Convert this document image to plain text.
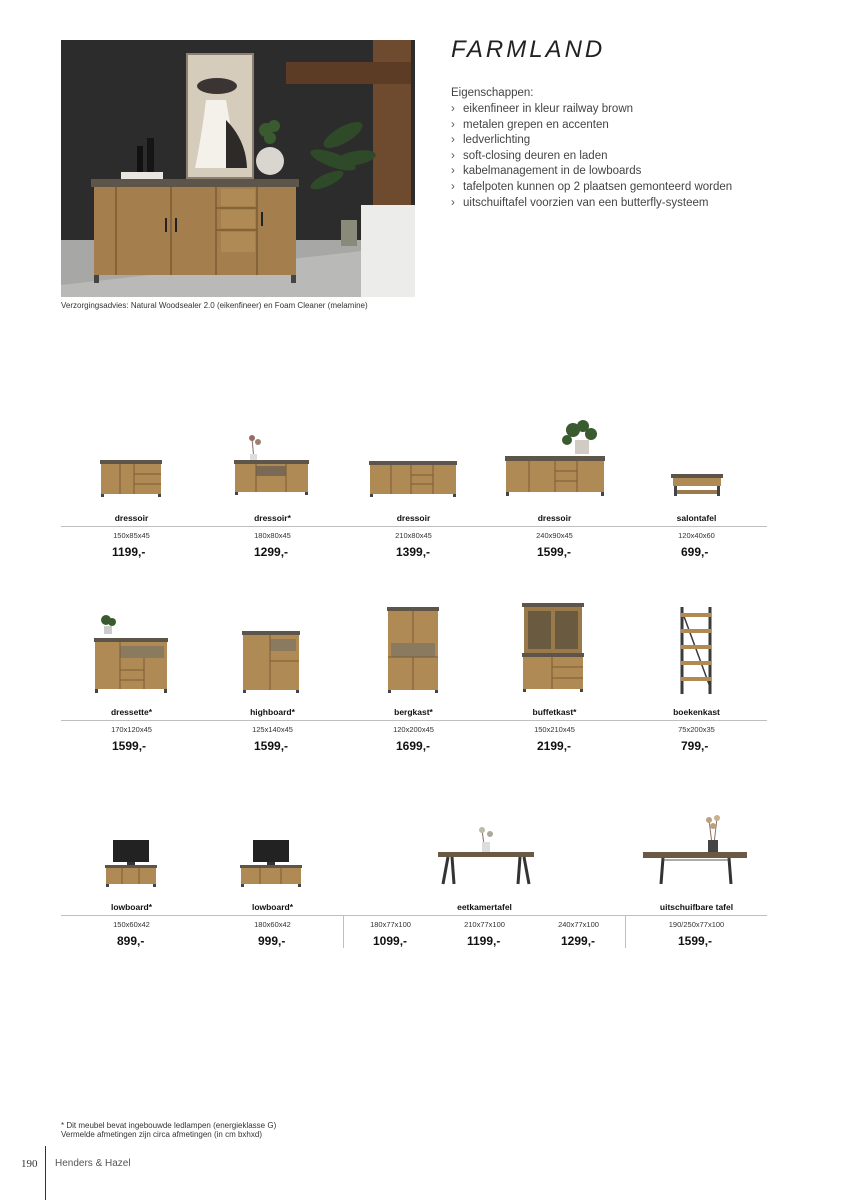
Verzorgingsadvies: Natural Woodsealer 2.0 (eikenfineer) en Foam Cleaner (melamine)
FARMLAND
Eigenschappen:
› eikenfineer in kleur railway brown
› metalen grepen en accenten
› ledverlichting
› soft-closing deuren en laden
› kabelmanagement in de lowboards
› tafelpoten kunnen op 2 plaatsen gemonteerd worden
› uitschuiftafel voorzien van een butterfly-systeem
dressoir
150x85x45
1199,-
dressoir*
180x80x45
1299,-
dressoir
210x80x45
1399,-
dressoir
240x90x45
1599,-
salontafel
120x40x60
699,-
dressette*
170x120x45
1599,-
highboard*
125x140x45
1599,-
bergkast*
120x200x45
1699,-
buffetkast*
150x210x45
2199,-
boekenkast
75x200x35
799,-
lowboard*
150x60x42
899,-
lowboard*
180x60x42
999,-
eetkamertafel
180x77x100
1099,-
210x77x100
1199,-
240x77x100
1299,-
uitschuifbare tafel
190/250x77x100
1599,-
* Dit meubel bevat ingebouwde ledlampen (energieklasse G)
Vermelde afmetingen zijn circa afmetingen (in cm bxhxd)
190 Henders & Hazel
